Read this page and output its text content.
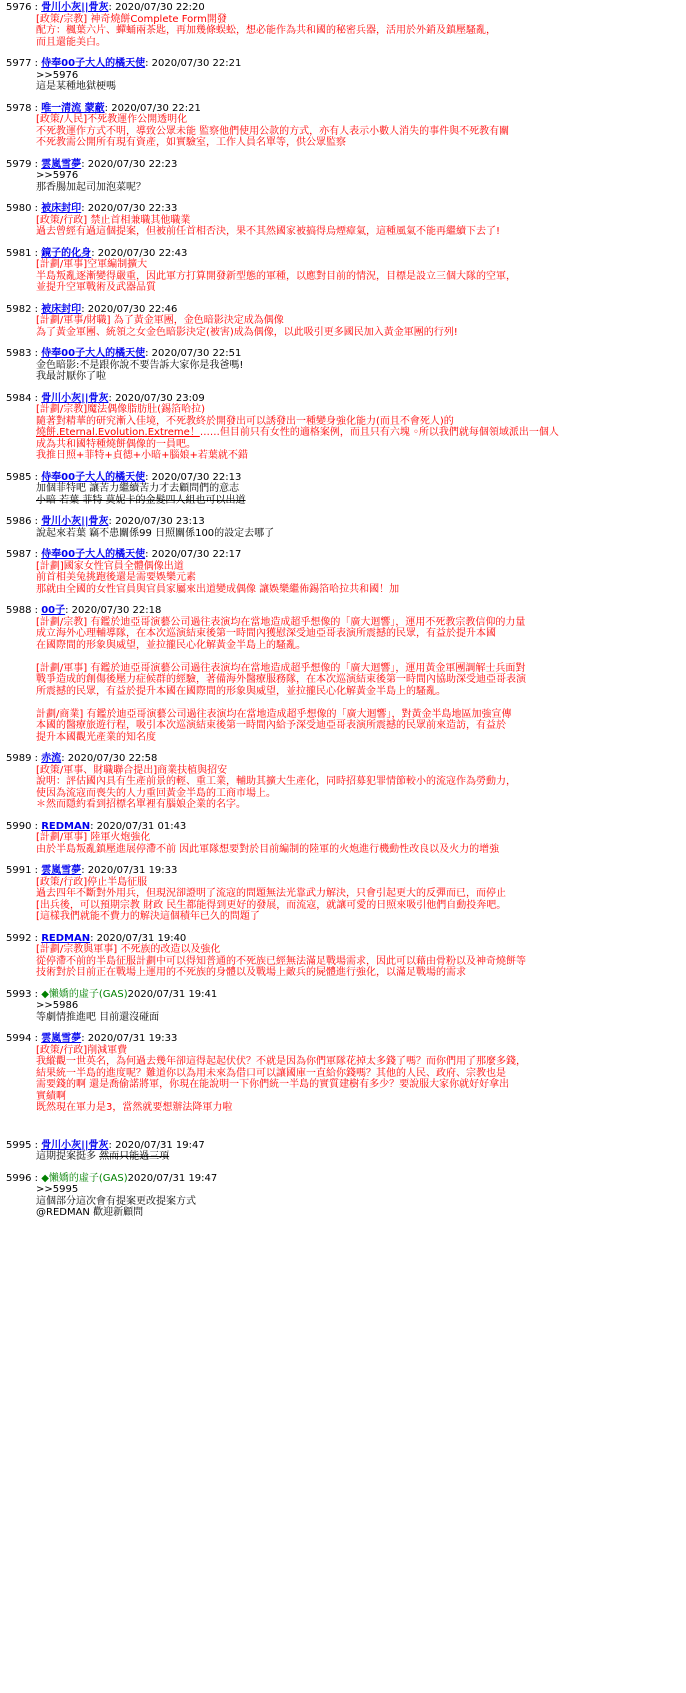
5976 : 骨川小灰||骨灰: 2020/07/30 22:20
[政策/宗教] 神奇燒餅Complete Form開發
配方：楓葉六片、蟬蛹兩茶匙，再加幾條蜈蚣，想必能作為共和國的秘密兵器，活用於外銷及鎮壓騷亂，
而且還能美白。
5977 : 侍奉00子大人的橘天使: 2020/07/30 22:21
>>5976
這是某種地獄梗嗎
5978 : 唯一清流 蒙蔽: 2020/07/30 22:21
[政策/人民]不死教運作公開透明化
不死教運作方式不明，導致公眾未能 監察他們使用公款的方式，亦有人表示小數人消失的事件與不死教有關
不死教需公開所有現有資產，如實驗室，工作人員名單等，供公眾監察
5979 : 雲嵐雪夢: 2020/07/30 22:23
>>5976
那香腸加起司加泡菜呢？
5980 : 被床封印: 2020/07/30 22:33
[政策/行政] 禁止首相兼職其他職業
過去曾經有過這個提案，但被前任首相否決，果不其然國家被搞得烏煙瘴氣，這種風氣不能再繼續下去了!
5981 : 鏡子的化身: 2020/07/30 22:43
[計劃/軍事]空軍編制擴大
半島叛亂逐漸變得嚴重，因此軍方打算開發新型態的軍種，以應對目前的情況，目標是設立三個大隊的空軍，
並提升空軍戰術及武器品質
5982 : 被床封印: 2020/07/30 22:46
[計劃/軍事/財職] 為了黃金軍團，金色暗影決定成為偶像
為了黃金軍團、統領之女金色暗影決定(被害)成為偶像，以此吸引更多國民加入黃金軍團的行列!
5983 : 侍奉00子大人的橘天使: 2020/07/30 22:51
金色暗影:不是跟你說不要告訴大家你是我爸嗎!
我最討厭你了啦
5984 : 骨川小灰||骨灰: 2020/07/30 23:09
[計劃/宗教]魔法偶像脂肪肚(錫箔哈拉)
隨著對精華的研究漸入佳境，不死教終於開發出可以誘發出一種變身強化能力(而且不會死人)的
燒餅.Eternal.Evolution.Extreme！……但目前只有女性的適格案例，而且只有六塊 ◦所以我們就每個領域派出一個人
成為共和國特種燒餅偶像的一員吧。
我推日照+菲特+貞德+小暗+腦娘+若葉就不錯
5985 : 侍奉00子大人的橘天使: 2020/07/30 22:13
加個菲特吧 讓苦力繼續苦力才去顧問們的意志
小暗 若葉 菲特 莫妮卡的金髮四人組也可以出道
5986 : 骨川小灰||骨灰: 2020/07/30 23:13
說起來若葉 竊不患關係99 日照關係100的設定去哪了
5987 : 侍奉00子大人的橘天使: 2020/07/30 22:17
[計劃]國家女性官員全體偶像出道
前首相美兔挑跑後還是需要娛樂元素
那就由全國的女性官員與官員家屬來出道變成偶像 讓娛樂繼佈錫箔哈拉共和國！加
5988 : 00子: 2020/07/30 22:18
[計劃/宗教] 有鑑於迪亞哥演藝公司過往表演均在當地造成超乎想像的「廣大迴響」，運用不死教宗教信仰的力量
成立海外心理輔導隊，在本次巡演結束後第一時間內獲慰深受迪亞哥表演所震撼的民眾，有益於提升本國
在國際間的形象與威望，並拉攏民心化解黃金半島上的騷亂。
[計劃/軍事] 有鑑於迪亞哥演藝公司過往表演均在當地造成超乎想像的「廣大迴響」，運用黃金軍團調解士兵面對
戰爭造成的創傷後壓力症候群的經驗，著備海外醫療服務隊，在本次巡演結束後第一時間內協助深受迪亞哥表演
所震撼的民眾，有益於提升本國在國際間的形象與威望，並拉攏民心化解黃金半島上的騷亂。
計劃/商業] 有鑑於迪亞哥演藝公司過往表演均在當地造成超乎想像的「廣大迴響」，對黃金半島地區加強宣傳
本國的醫療旅遊行程，吸引本次巡演結束後第一時間內給予深受迪亞哥表演所震撼的民眾前來造訪，有益於
提升本國觀光產業的知名度
5989 : 赤流: 2020/07/30 22:58
[政策/軍事、財職聯合提出]商業扶植與招安
說明：評估國內具有生產前景的輕、重工業，輔助其擴大生產化，同時招募犯罪情節較小的流寇作為勞動力，
使因為流寇而喪失的人力重回黃金半島的工商市場上。
＊然而隱約看到招標名單裡有腦娘企業的名字。
5990 : REDMAN: 2020/07/31 01:43
[計劃/軍事] 陸軍火炮強化
由於半島叛亂鎮壓進展停滯不前 因此軍隊想要對於目前編制的陸軍的火炮進行機動性改良以及火力的增強
5991 : 雲嵐雪夢: 2020/07/31 19:33
[政策/行政]停止半島征服
過去四年不斷對外用兵，但現況卻證明了流寇的問題無法光靠武力解決，只會引起更大的反彈而已，而停止
[出兵後，可以預期宗教 財政 民生都能得到更好的發展，而流寇，就讓可愛的日照來吸引他們自動投奔吧。
[這樣我們就能不費力的解決這個積年已久的問題了
5992 : REDMAN: 2020/07/31 19:40
[計劃/宗教與軍事] 不死族的改造以及強化
從停滯不前的半島征服計劃中可以得知普通的不死族已經無法滿足戰場需求，因此可以藉由骨粉以及神奇燒餅等
技術對於目前正在戰場上運用的不死族的身體以及戰場上敵兵的屍體進行強化，以滿足戰場的需求
5993 : ◆懶嬌的虛子(GAS)2020/07/31 19:41
>>5986
等劇情推進吧 目前還沒碰面
5994 : 雲嵐雪夢: 2020/07/31 19:33
[政策/行政]削減軍費
我縱觀一世英名，為何過去幾年卻這得起起伏伏？不就是因為你們軍隊花掉太多錢了嗎？而你們用了那麼多錢，
結果統一半島的進度呢？難道你以為用未來為借口可以讓國庫一直給你錢嗎？其他的人民、政府、宗教也是
需要錢的啊 還是喬偷諾將軍，你現在能說明一下你們統一半島的實質建樹有多少？要說服大家你就好好拿出
實績啊
既然現在軍力是3，當然就要想辦法降軍力啦
5995 : 骨川小灰||骨灰: 2020/07/31 19:47
這期提案挺多 然而只能過三項
5996 : ◆懶嬌的虛子(GAS)2020/07/31 19:47
>>5995
這個部分這次會有提案更改提案方式
@REDMAN 歡迎新顧問
